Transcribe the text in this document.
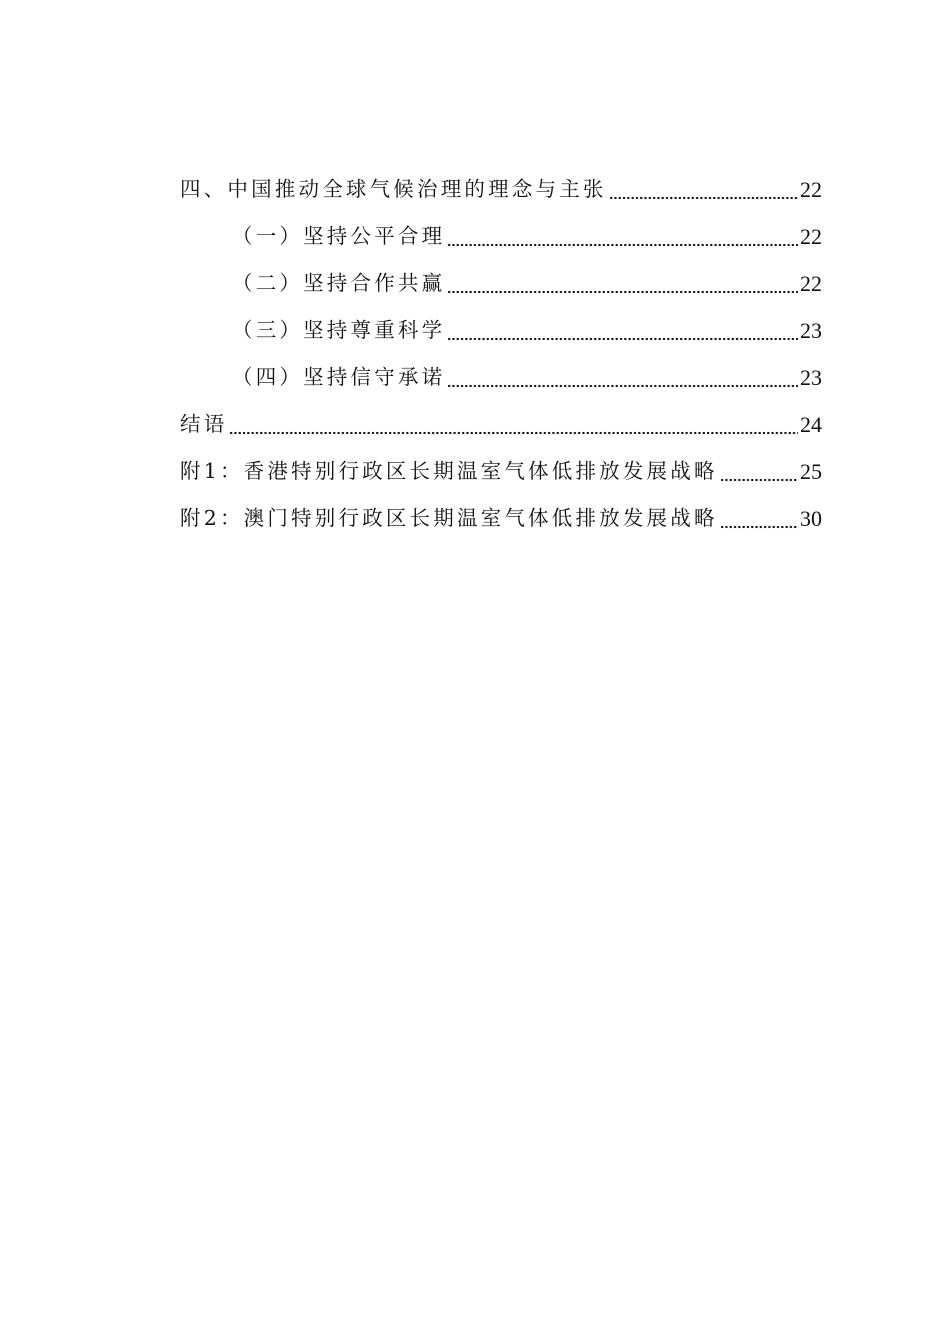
四、中国推动全球气候治理的理念与主张	22
（一）坚持公平合理	22
（二）坚持合作共赢	22
（三）坚持尊重科学	23
（四）坚持信守承诺	23
结语	24
附1：香港特别行政区长期温室气体低排放发展战略	25
附2：澳门特别行政区长期温室气体低排放发展战略	30
